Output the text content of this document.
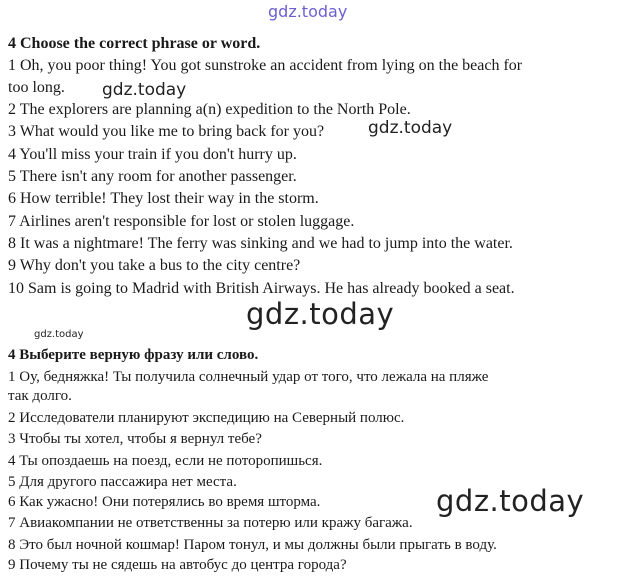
gdz.today
4 Choose the correct phrase or word.
1 Oh, you poor thing! You got sunstroke an accident from lying on the beach for
too long. gdz.today
2 The explorers are planning a(n) expedition to the North Pole.
3 What would you like me to bring back for you?	gdz.today
4 You'll miss your train if you don't hurry up.
5 There isn't any room for another passenger.
6 How terrible! They lost their way in the storm.
7 Airlines aren't responsible for lost or stolen luggage.
8 It was a nightmare! The ferry was sinking and we had to jump into the water.
9 Why don't you take a bus to the city centre?
10 Sam is going to Madrid with British Airways. He has already booked a seat.
gdz.today
gdz.today
4 Выберите верную фразу или слово.
1 Оу, бедняжка! Ты получила солнечный удар от того, что лежала на пляже
так долго.
2 Исследователи планируют экспедицию на Северный полюс.
3 Чтобы ты хотел, чтобы я вернул тебе?
4 Ты опоздаешь на поезд, если не поторопишься.
5 Для другого пассажира нет места.
6 Как ужасно! Они потерялись во время шторма.	gdz.today
7 Авиакомпании не ответственны за потерю или кражу багажа.
8 Это был ночной кошмар! Паром тонул, и мы должны были прыгать в воду.
9 Почему ты не сядешь на автобус до центра города?
